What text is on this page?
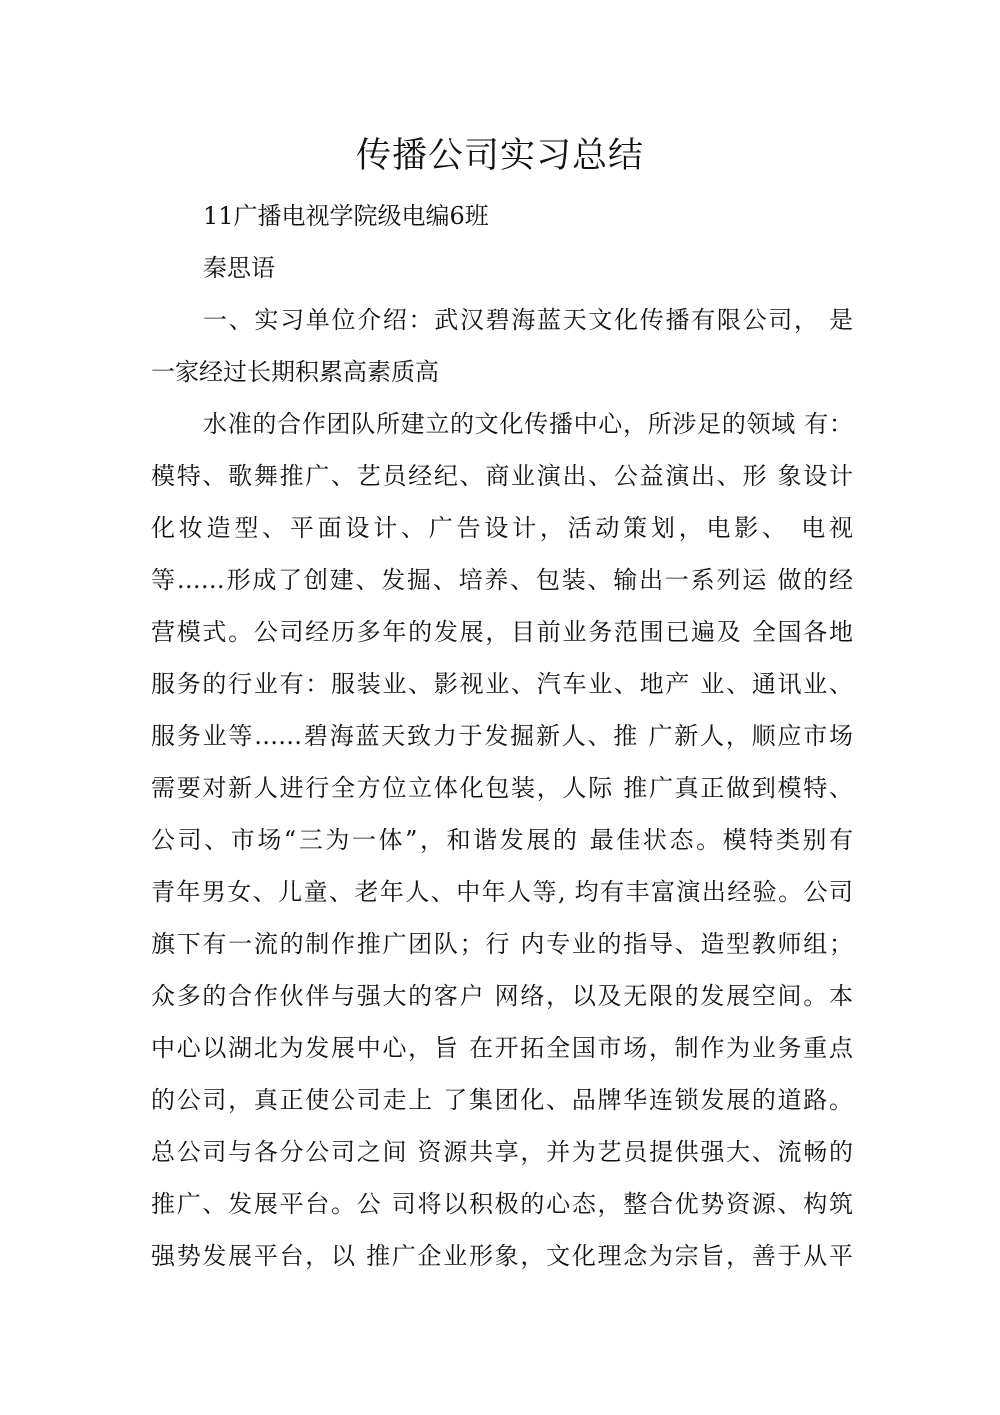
传播公司实习总结
11广播电视学院级电编6班
秦思语
一、实习单位介绍：武汉碧海蓝天文化传播有限公司， 是
一家经过长期积累高素质高
水准的合作团队所建立的文化传播中心，所涉足的领域 有：
模特、歌舞推广、艺员经纪、商业演出、公益演出、形 象设计
化妆造型、平面设计、广告设计，活动策划，电影、 电视
等……形成了创建、发掘、培养、包装、输出一系列运 做的经
营模式。公司经历多年的发展，目前业务范围已遍及 全国各地
服务的行业有：服装业、影视业、汽车业、地产 业、通讯业、
服务业等……碧海蓝天致力于发掘新人、推 广新人，顺应市场
需要对新人进行全方位立体化包装，人际 推广真正做到模特、
公司、市场“三为一体”，和谐发展的 最佳状态。模特类别有
青年男女、儿童、老年人、中年人等, 均有丰富演出经验。公司
旗下有一流的制作推广团队；行 内专业的指导、造型教师组；
众多的合作伙伴与强大的客户 网络，以及无限的发展空间。本
中心以湖北为发展中心，旨 在开拓全国市场，制作为业务重点
的公司，真正使公司走上 了集团化、品牌华连锁发展的道路。
总公司与各分公司之间 资源共享，并为艺员提供强大、流畅的
推广、发展平台。公 司将以积极的心态，整合优势资源、构筑
强势发展平台，以 推广企业形象，文化理念为宗旨，善于从平
